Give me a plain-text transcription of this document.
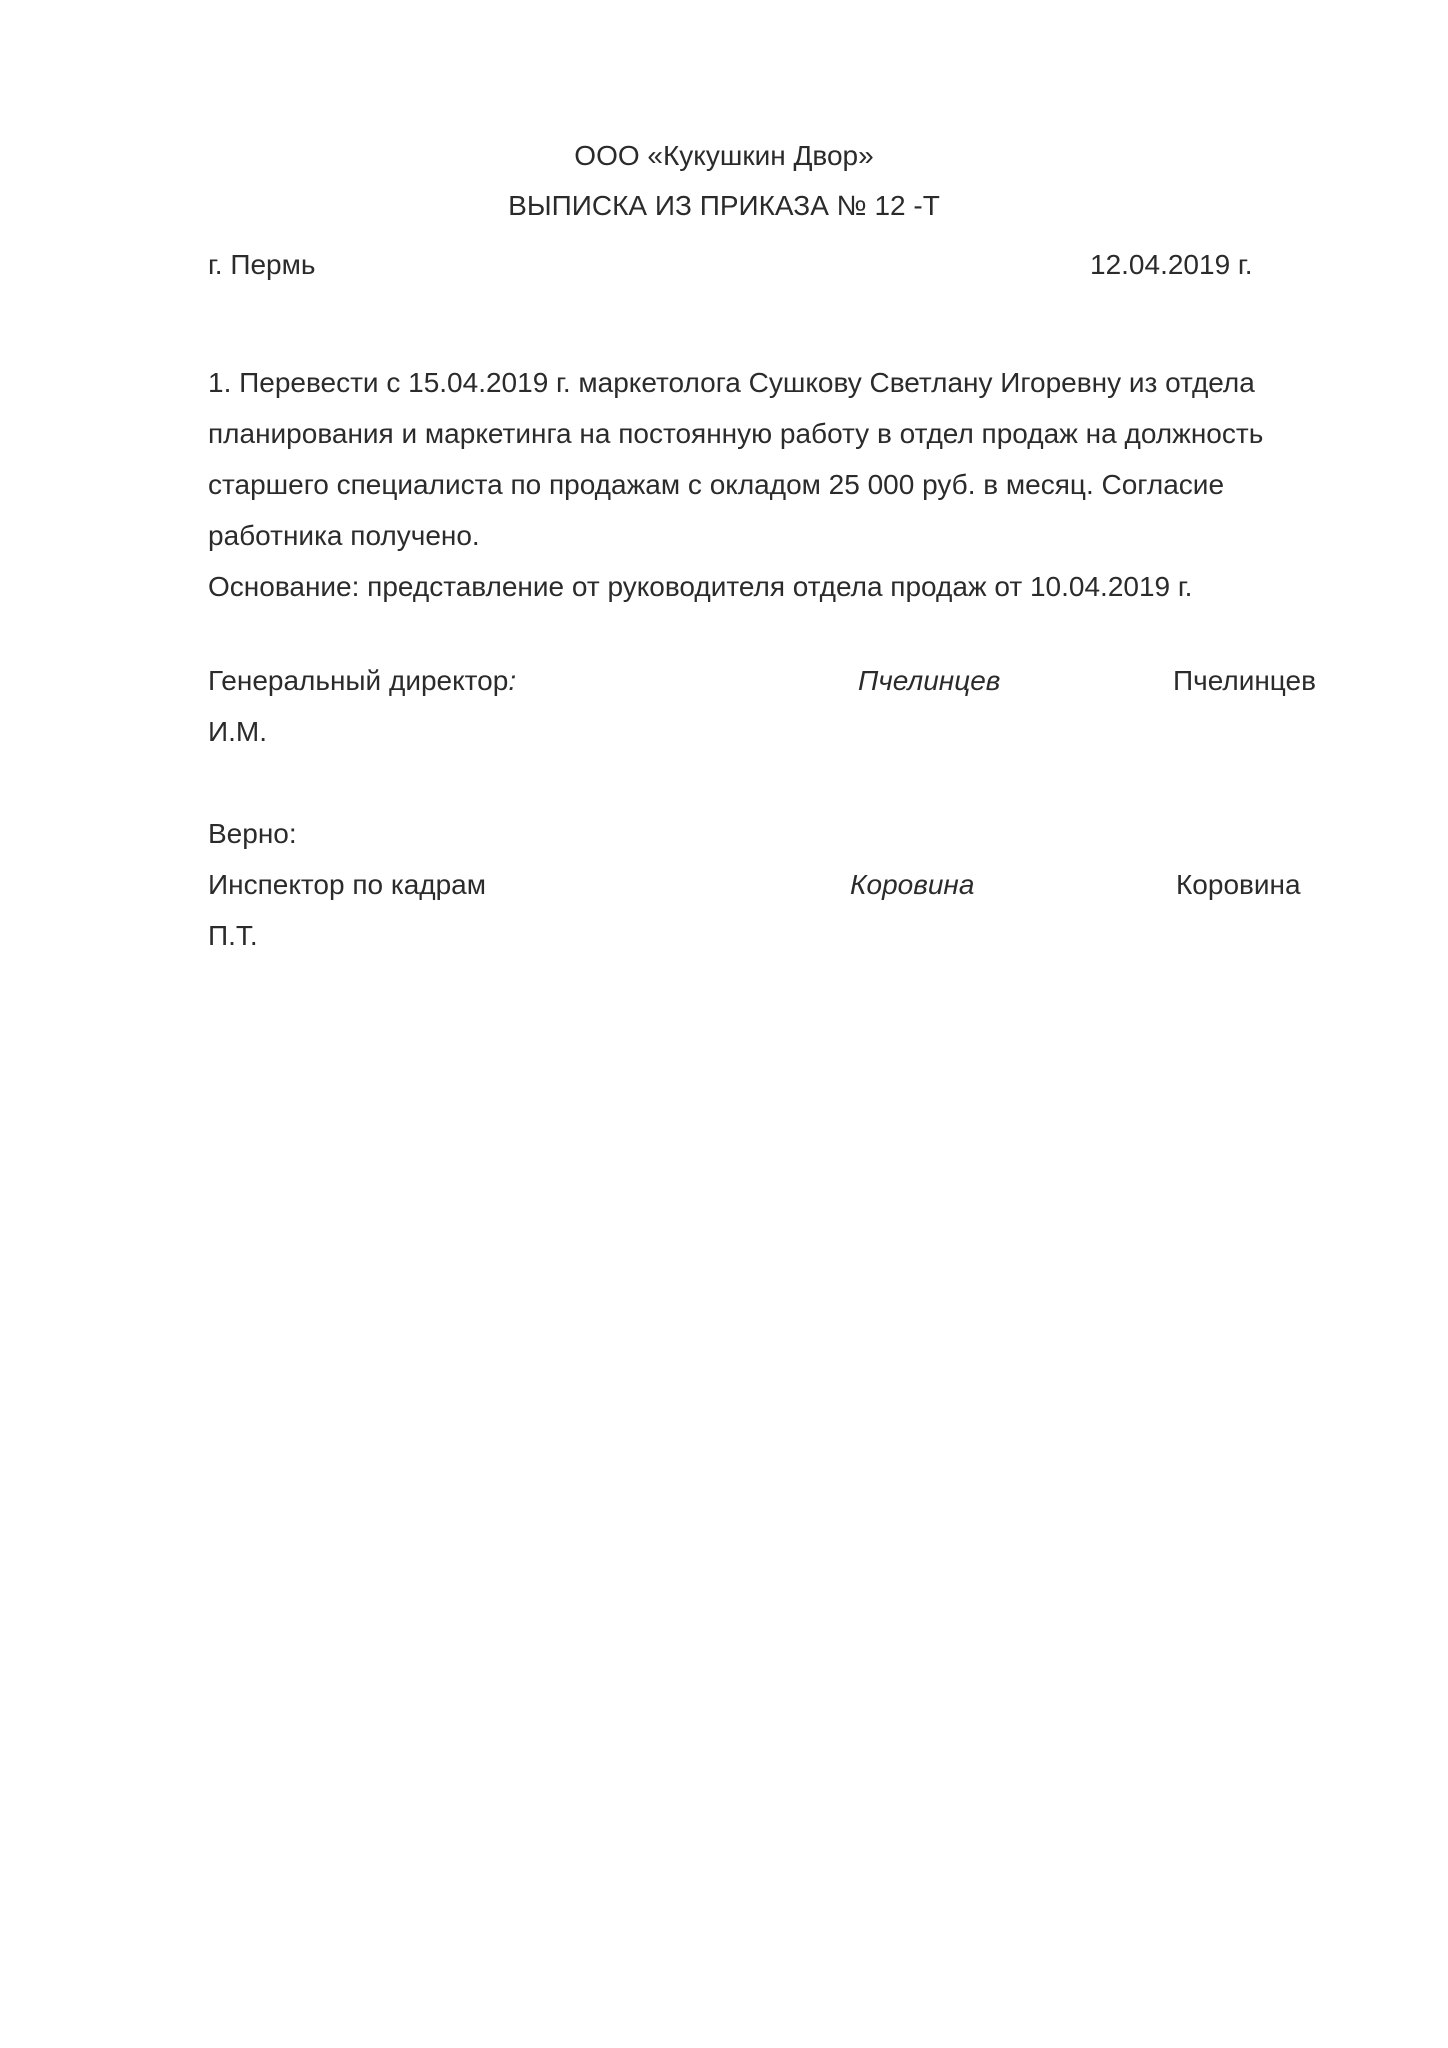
ООО «Кукушкин Двор»

ВЫПИСКА ИЗ ПРИКАЗА № 12 -Т

г. Пермь	12.04.2019 г.

1. Перевести с 15.04.2019 г. маркетолога Сушкову Светлану Игоревну из отдела
планирования и маркетинга на постоянную работу в отдел продаж на должность
старшего специалиста по продажам с окладом 25 000 руб. в месяц. Согласие
работника получено.
Основание: представление от руководителя отдела продаж от 10.04.2019 г.

Генеральный директор:	Пчелинцев	Пчелинцев

И.М.

Верно:

Инспектор по кадрам	Коровина	Коровина

П.Т.
